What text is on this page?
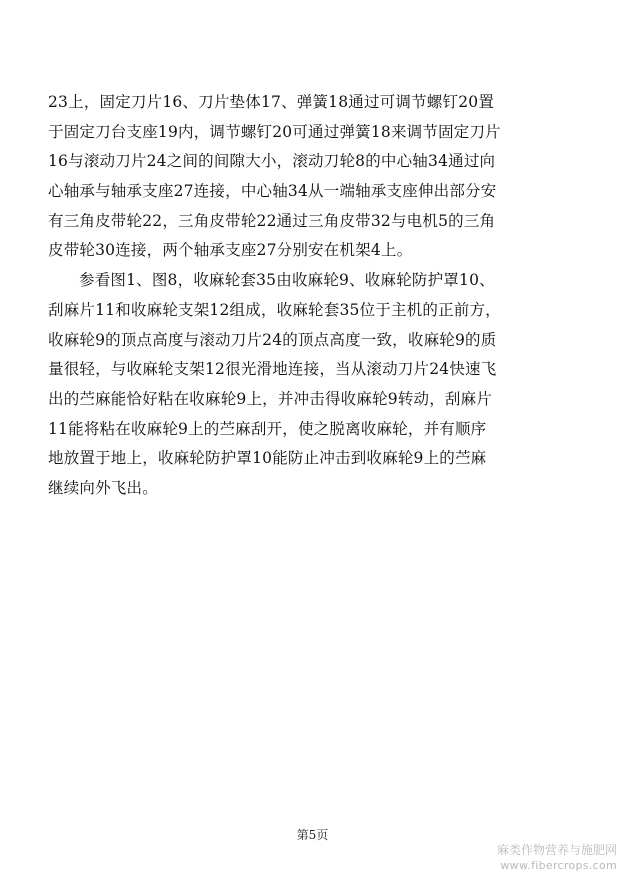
23上，固定刀片16、刀片垫体17、弹簧18通过可调节螺钉20置
于固定刀台支座19内，调节螺钉20可通过弹簧18来调节固定刀片
16与滚动刀片24之间的间隙大小，滚动刀轮8的中心轴34通过向
心轴承与轴承支座27连接，中心轴34从一端轴承支座伸出部分安
有三角皮带轮22，三角皮带轮22通过三角皮带32与电机5的三角
皮带轮30连接，两个轴承支座27分别安在机架4上。
参看图1、图8，收麻轮套35由收麻轮9、收麻轮防护罩10、
刮麻片11和收麻轮支架12组成，收麻轮套35位于主机的正前方，
收麻轮9的顶点高度与滚动刀片24的顶点高度一致，收麻轮9的质
量很轻，与收麻轮支架12很光滑地连接，当从滚动刀片24快速飞
出的苎麻能恰好粘在收麻轮9上，并冲击得收麻轮9转动，刮麻片
11能将粘在收麻轮9上的苎麻刮开，使之脱离收麻轮，并有顺序
地放置于地上，收麻轮防护罩10能防止冲击到收麻轮9上的苎麻
继续向外飞出。
第5页
麻类作物营养与施肥网
www.fibercrops.com
